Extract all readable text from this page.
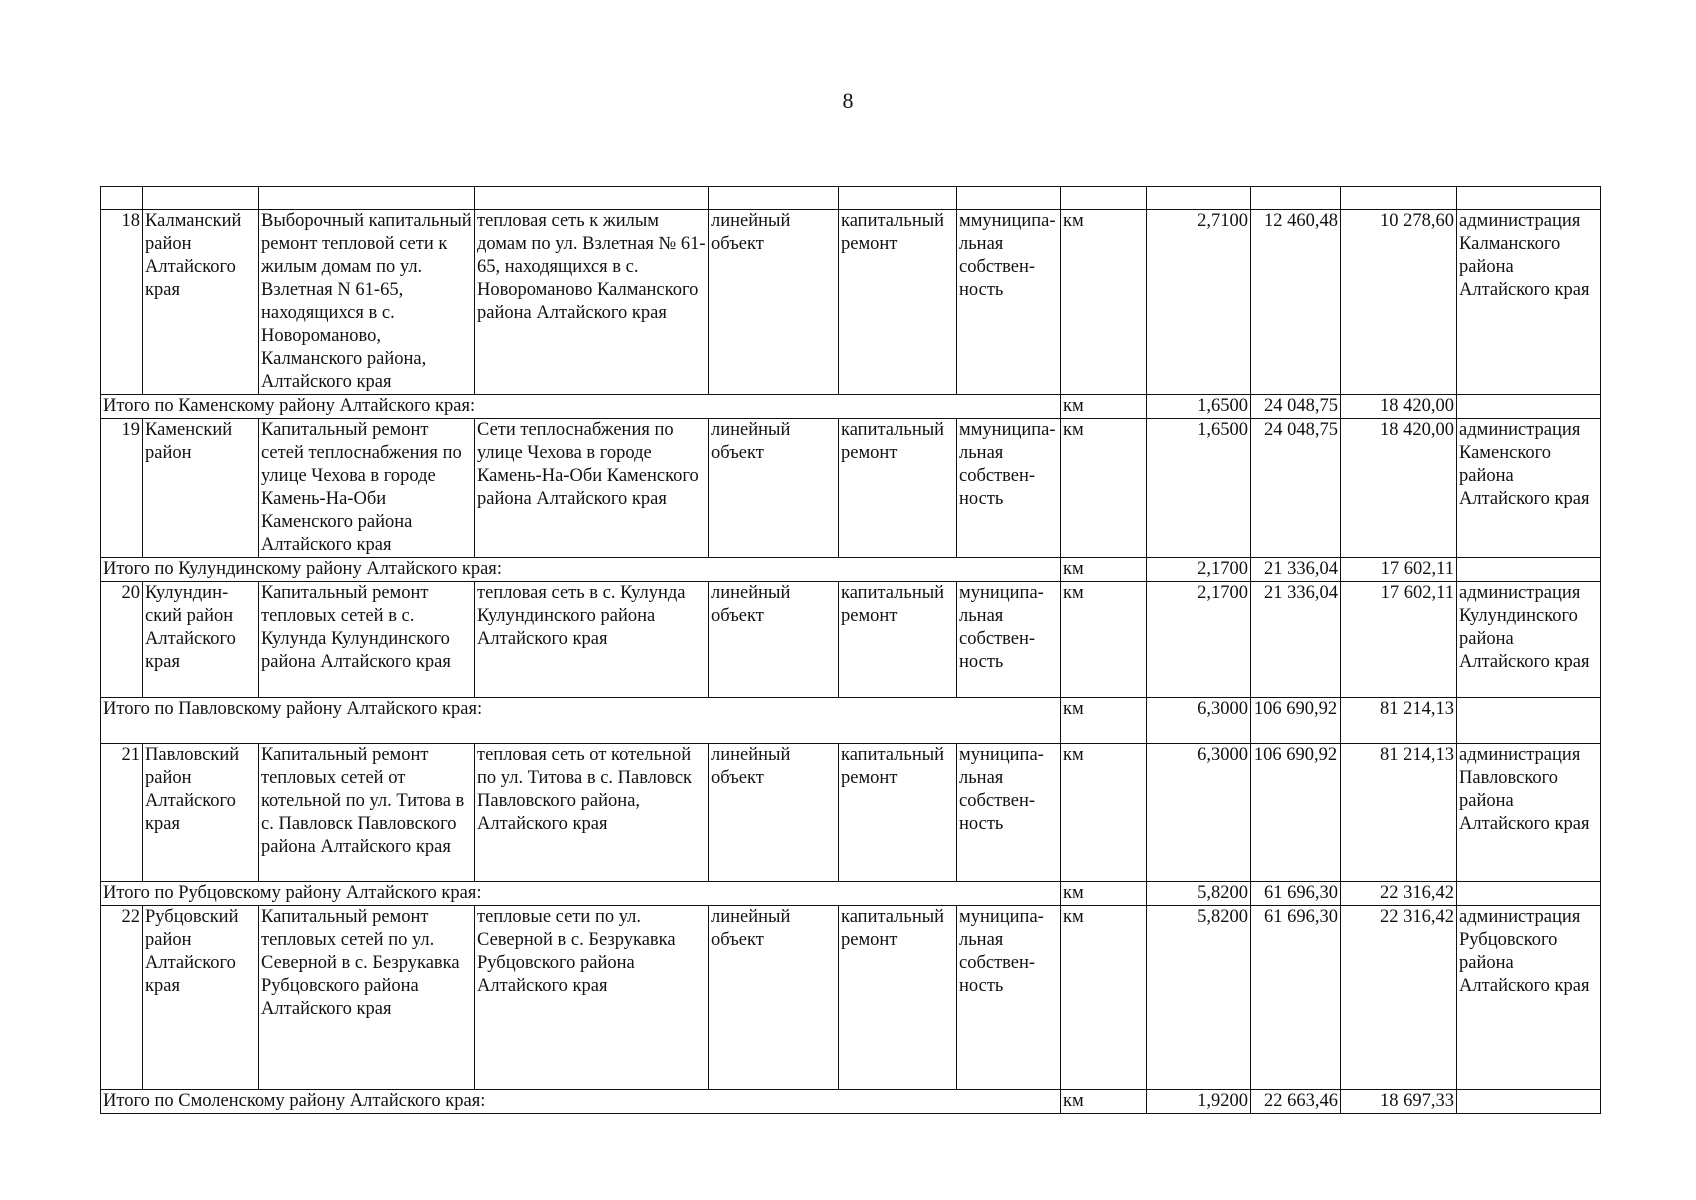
8

18	Калманский район Алтайского края	Выборочный капитальный ремонт тепловой сети к жилым домам по ул. Взлетная N 61-65, находящихся в с. Новороманово, Калманского района, Алтайского края	тепловая сеть к жилым домам по ул. Взлетная № 61-65, находящихся в с. Новороманово Калманского района Алтайского края	линейный объект	капитальный ремонт	ммуниципа- льная собствен- ность	км	2,7100	12 460,48	10 278,60	администрация Калманского района Алтайского края
Итого по Каменскому району Алтайского края:							км	1,6500	24 048,75	18 420,00	
19	Каменский район	Капитальный ремонт сетей теплоснабжения по улице Чехова в городе Камень-На-Оби Каменского района Алтайского края	Сети теплоснабжения по улице Чехова в городе Камень-На-Оби Каменского района Алтайского края	линейный объект	капитальный ремонт	ммуниципа- льная собствен- ность	км	1,6500	24 048,75	18 420,00	администрация Каменского района Алтайского края
Итого по Кулундинскому району Алтайского края:							км	2,1700	21 336,04	17 602,11	
20	Кулундин- ский район Алтайского края	Капитальный ремонт тепловых сетей в с. Кулунда Кулундинского района Алтайского края	тепловая сеть в с. Кулунда Кулундинского района Алтайского края	линейный объект	капитальный ремонт	муниципа- льная собствен- ность	км	2,1700	21 336,04	17 602,11	администрация Кулундинского района Алтайского края
Итого по Павловскому району Алтайского края:							км	6,3000	106 690,92	81 214,13	
21	Павловский район Алтайского края	Капитальный ремонт тепловых сетей от котельной по ул. Титова в с. Павловск Павловского района Алтайского края	тепловая сеть от котельной по ул. Титова в с. Павловск Павловского района, Алтайского края	линейный объект	капитальный ремонт	муниципа- льная собствен- ность	км	6,3000	106 690,92	81 214,13	администрация Павловского района Алтайского края
Итого по Рубцовскому району Алтайского края:							км	5,8200	61 696,30	22 316,42	
22	Рубцовский район Алтайского края	Капитальный ремонт тепловых сетей по ул. Северной в с. Безрукавка Рубцовского района Алтайского края	тепловые сети по ул. Северной в с. Безрукавка Рубцовского района Алтайского края	линейный объект	капитальный ремонт	муниципа- льная собствен- ность	км	5,8200	61 696,30	22 316,42	администрация Рубцовского района Алтайского края
Итого по Смоленскому району Алтайского края:							км	1,9200	22 663,46	18 697,33	
